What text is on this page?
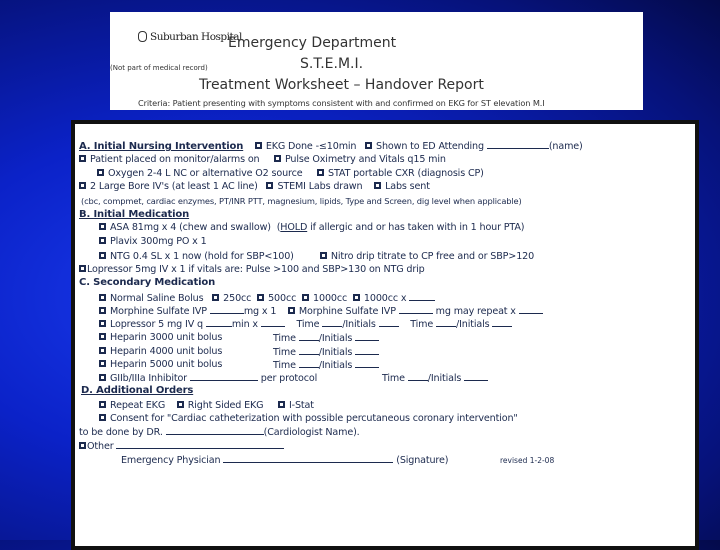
Suburban Hospital
Emergency Department
(Not part of medical record)	S.T.E.M.I.
Treatment Worksheet – Handover Report
Criteria: Patient presenting with symptoms consistent with and confirmed on EKG for ST elevation M.I
A. Initial Nursing Intervention EKG Done -≤10min Shown to ED Attending	(name)
Patient placed on monitor/alarms on	Pulse Oximetry and Vitals q15 min
Oxygen 2-4 L NC or alternative O2 source	STAT portable CXR (diagnosis CP)
2 Large Bore IV's (at least 1 AC line) STEMI Labs drawn Labs sent
(cbc, compmet, cardiac enzymes, PT/INR PTT, magnesium, lipids, Type and Screen, dig level when applicable)
B. Initial Medication
ASA 81mg x 4 (chew and swallow) (HOLD if allergic and or has taken with in 1 hour PTA)
Plavix 300mg PO x 1
NTG 0.4 SL x 1 now (hold for SBP<100)	Nitro drip titrate to CP free and or SBP>120
Lopressor 5mg IV x 1 if vitals are: Pulse >100 and SBP>130 on NTG drip
C. Secondary Medication
Normal Saline Bolus 250cc 500cc 1000cc 1000cc x
Morphine Sulfate IVP	mg x 1 Morphine Sulfate IVP	mg may repeat x
Lopressor 5 mg IV q	min x	Time /Initials	Time /Initials
Heparin 3000 unit bolus	Time /Initials
Heparin 4000 unit bolus	Time /Initials
Heparin 5000 unit bolus	Time /Initials
GIIb/IIIa Inhibitor	per protocol	Time /Initials
D. Additional Orders
Repeat EKG Right Sided EKG	I-Stat
Consent for "Cardiac catheterization with possible percutaneous coronary intervention"
to be done by DR.	(Cardiologist Name).
Other
Emergency Physician	(Signature)	revised 1-2-08
